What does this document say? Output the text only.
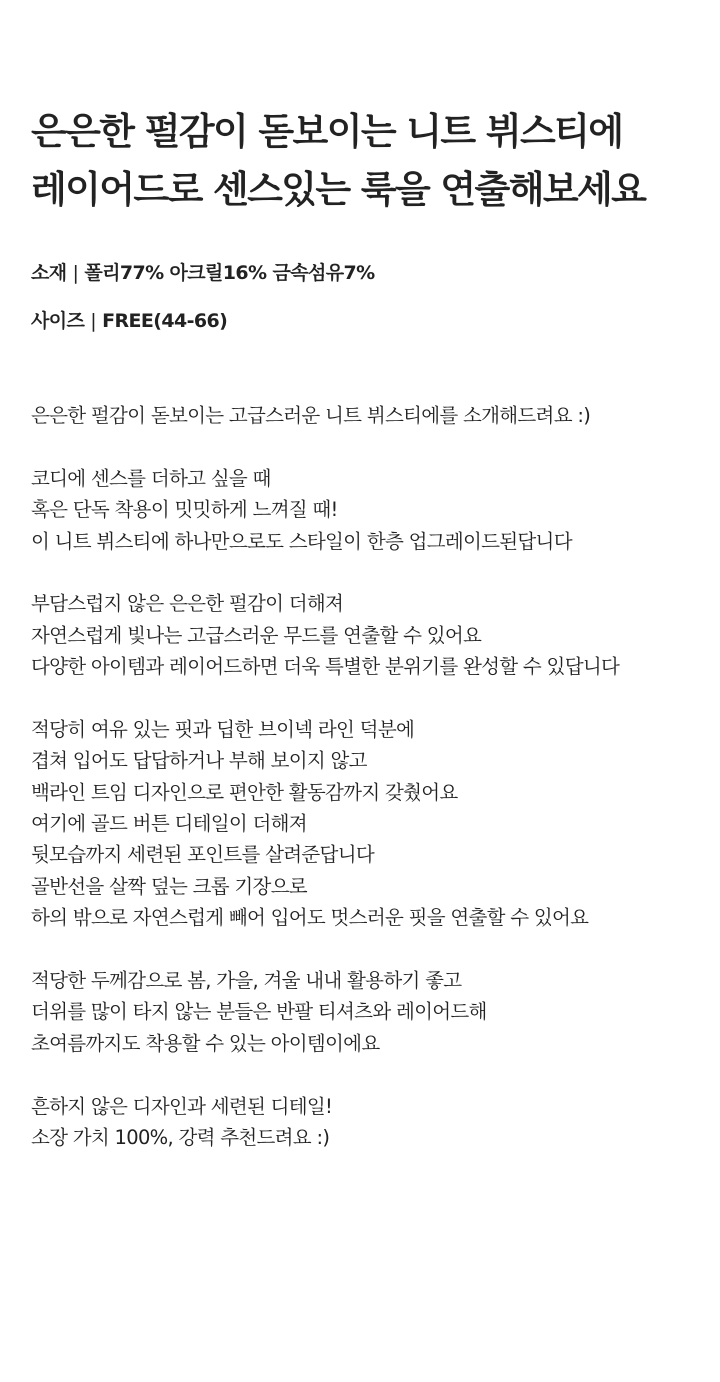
은은한 펄감이 돋보이는 니트 뷔스티에
레이어드로 센스있는 룩을 연출해보세요
소재 | 폴리77% 아크릴16% 금속섬유7%
사이즈 | FREE(44-66)
은은한 펄감이 돋보이는 고급스러운 니트 뷔스티에를 소개해드려요 :)
코디에 센스를 더하고 싶을 때
혹은 단독 착용이 밋밋하게 느껴질 때!
이 니트 뷔스티에 하나만으로도 스타일이 한층 업그레이드된답니다
부담스럽지 않은 은은한 펄감이 더해져
자연스럽게 빛나는 고급스러운 무드를 연출할 수 있어요
다양한 아이템과 레이어드하면 더욱 특별한 분위기를 완성할 수 있답니다
적당히 여유 있는 핏과 딥한 브이넥 라인 덕분에
겹쳐 입어도 답답하거나 부해 보이지 않고
백라인 트임 디자인으로 편안한 활동감까지 갖췄어요
여기에 골드 버튼 디테일이 더해져
뒷모습까지 세련된 포인트를 살려준답니다
골반선을 살짝 덮는 크롭 기장으로
하의 밖으로 자연스럽게 빼어 입어도 멋스러운 핏을 연출할 수 있어요
적당한 두께감으로 봄, 가을, 겨울 내내 활용하기 좋고
더위를 많이 타지 않는 분들은 반팔 티셔츠와 레이어드해
초여름까지도 착용할 수 있는 아이템이에요
흔하지 않은 디자인과 세련된 디테일!
소장 가치 100%, 강력 추천드려요 :)
